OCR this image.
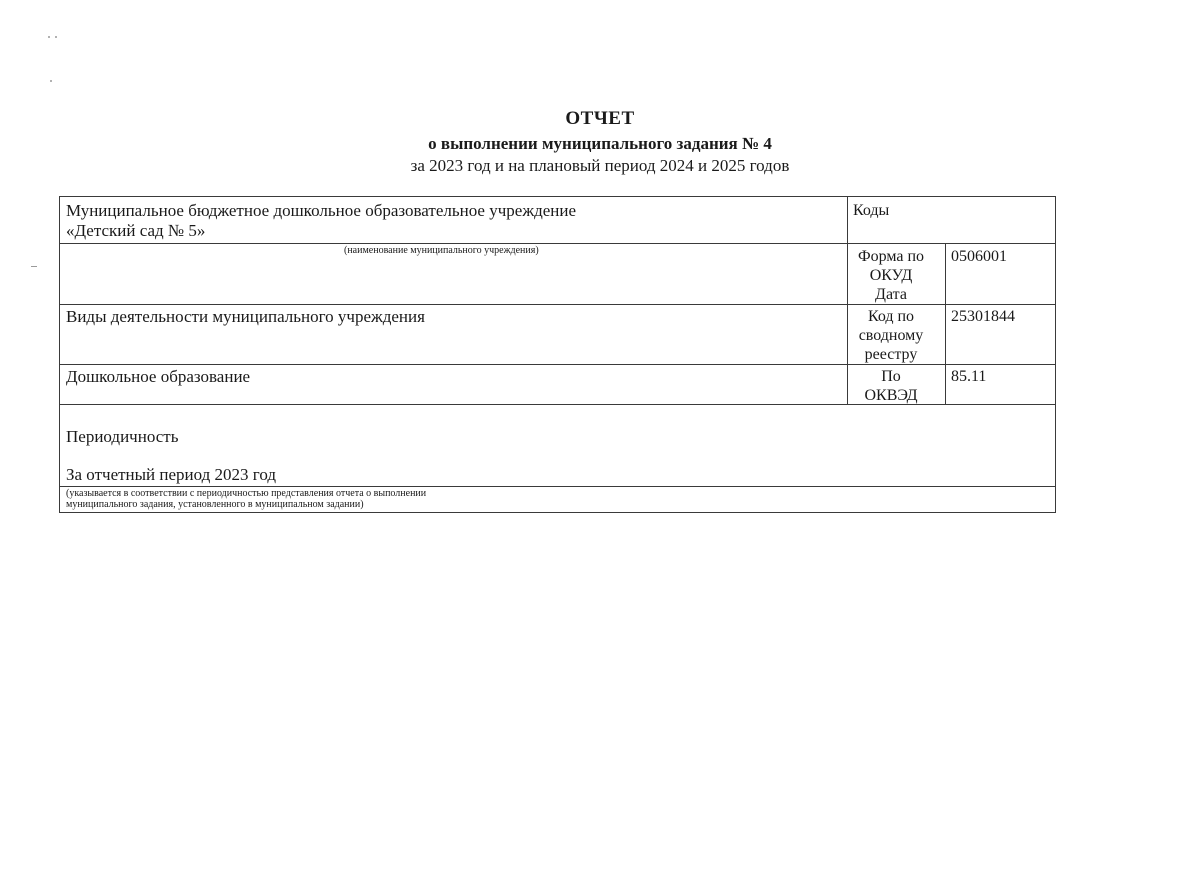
ОТЧЕТ
о выполнении муниципального задания № 4
за 2023 год и на плановый период 2024 и 2025 годов
Муниципальное бюджетное дошкольное образовательное учреждение
«Детский сад № 5»
(наименование муниципального учреждения)
Коды
Форма по
ОКУД
Дата
0506001
Виды деятельности муниципального учреждения	Код по
сводному
реестру
25301844
Дошкольное образование	По
ОКВЭД
85.11
Периодичность
За отчетный период 2023 год
(указывается в соответствии с периодичностью представления отчета о выполнении
муниципального задания, установленного в муниципальном задании)
